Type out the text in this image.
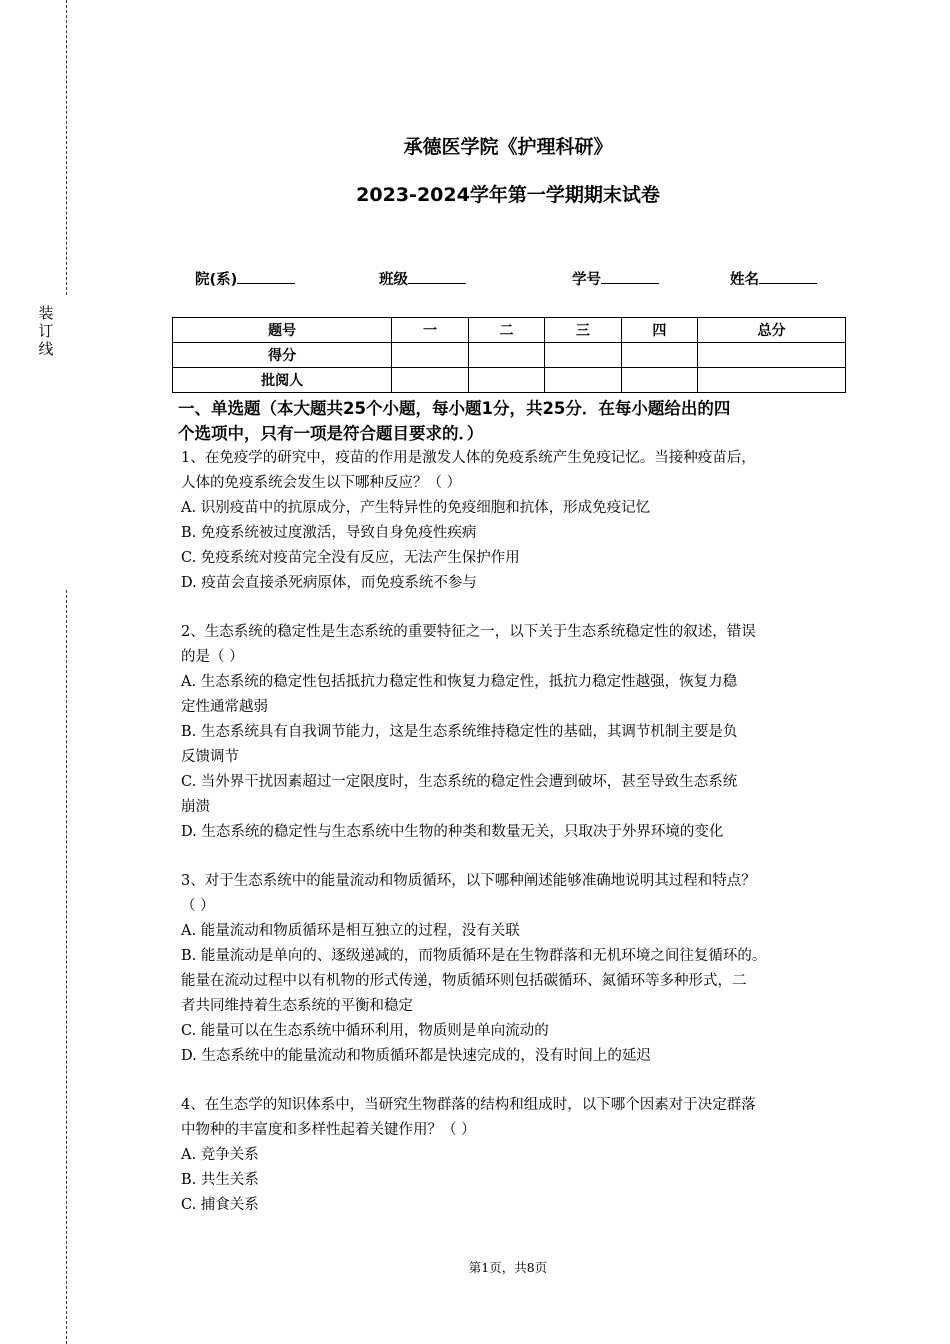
装
订
线
承德医学院《护理科研》
2023-2024学年第一学期期末试卷
院(系)	班级	学号	姓名
题号	一	二	三	四	总分
得分					
批阅人					
一、单选题（本大题共25个小题，每小题1分，共25分．在每小题给出的四
个选项中，只有一项是符合题目要求的．）
1、在免疫学的研究中，疫苗的作用是激发人体的免疫系统产生免疫记忆。当接种疫苗后，
人体的免疫系统会发生以下哪种反应？（ ）
A. 识别疫苗中的抗原成分，产生特异性的免疫细胞和抗体，形成免疫记忆
B. 免疫系统被过度激活，导致自身免疫性疾病
C. 免疫系统对疫苗完全没有反应，无法产生保护作用
D. 疫苗会直接杀死病原体，而免疫系统不参与
2、生态系统的稳定性是生态系统的重要特征之一，以下关于生态系统稳定性的叙述，错误
的是（ ）
A. 生态系统的稳定性包括抵抗力稳定性和恢复力稳定性，抵抗力稳定性越强，恢复力稳
定性通常越弱
B. 生态系统具有自我调节能力，这是生态系统维持稳定性的基础，其调节机制主要是负
反馈调节
C. 当外界干扰因素超过一定限度时，生态系统的稳定性会遭到破坏，甚至导致生态系统
崩溃
D. 生态系统的稳定性与生态系统中生物的种类和数量无关，只取决于外界环境的变化
3、对于生态系统中的能量流动和物质循环，以下哪种阐述能够准确地说明其过程和特点？
（ ）
A. 能量流动和物质循环是相互独立的过程，没有关联
B. 能量流动是单向的、逐级递减的，而物质循环是在生物群落和无机环境之间往复循环的。
能量在流动过程中以有机物的形式传递，物质循环则包括碳循环、氮循环等多种形式，二
者共同维持着生态系统的平衡和稳定
C. 能量可以在生态系统中循环利用，物质则是单向流动的
D. 生态系统中的能量流动和物质循环都是快速完成的，没有时间上的延迟
4、在生态学的知识体系中，当研究生物群落的结构和组成时，以下哪个因素对于决定群落
中物种的丰富度和多样性起着关键作用？（ ）
A. 竞争关系
B. 共生关系
C. 捕食关系
第1页，共8页
